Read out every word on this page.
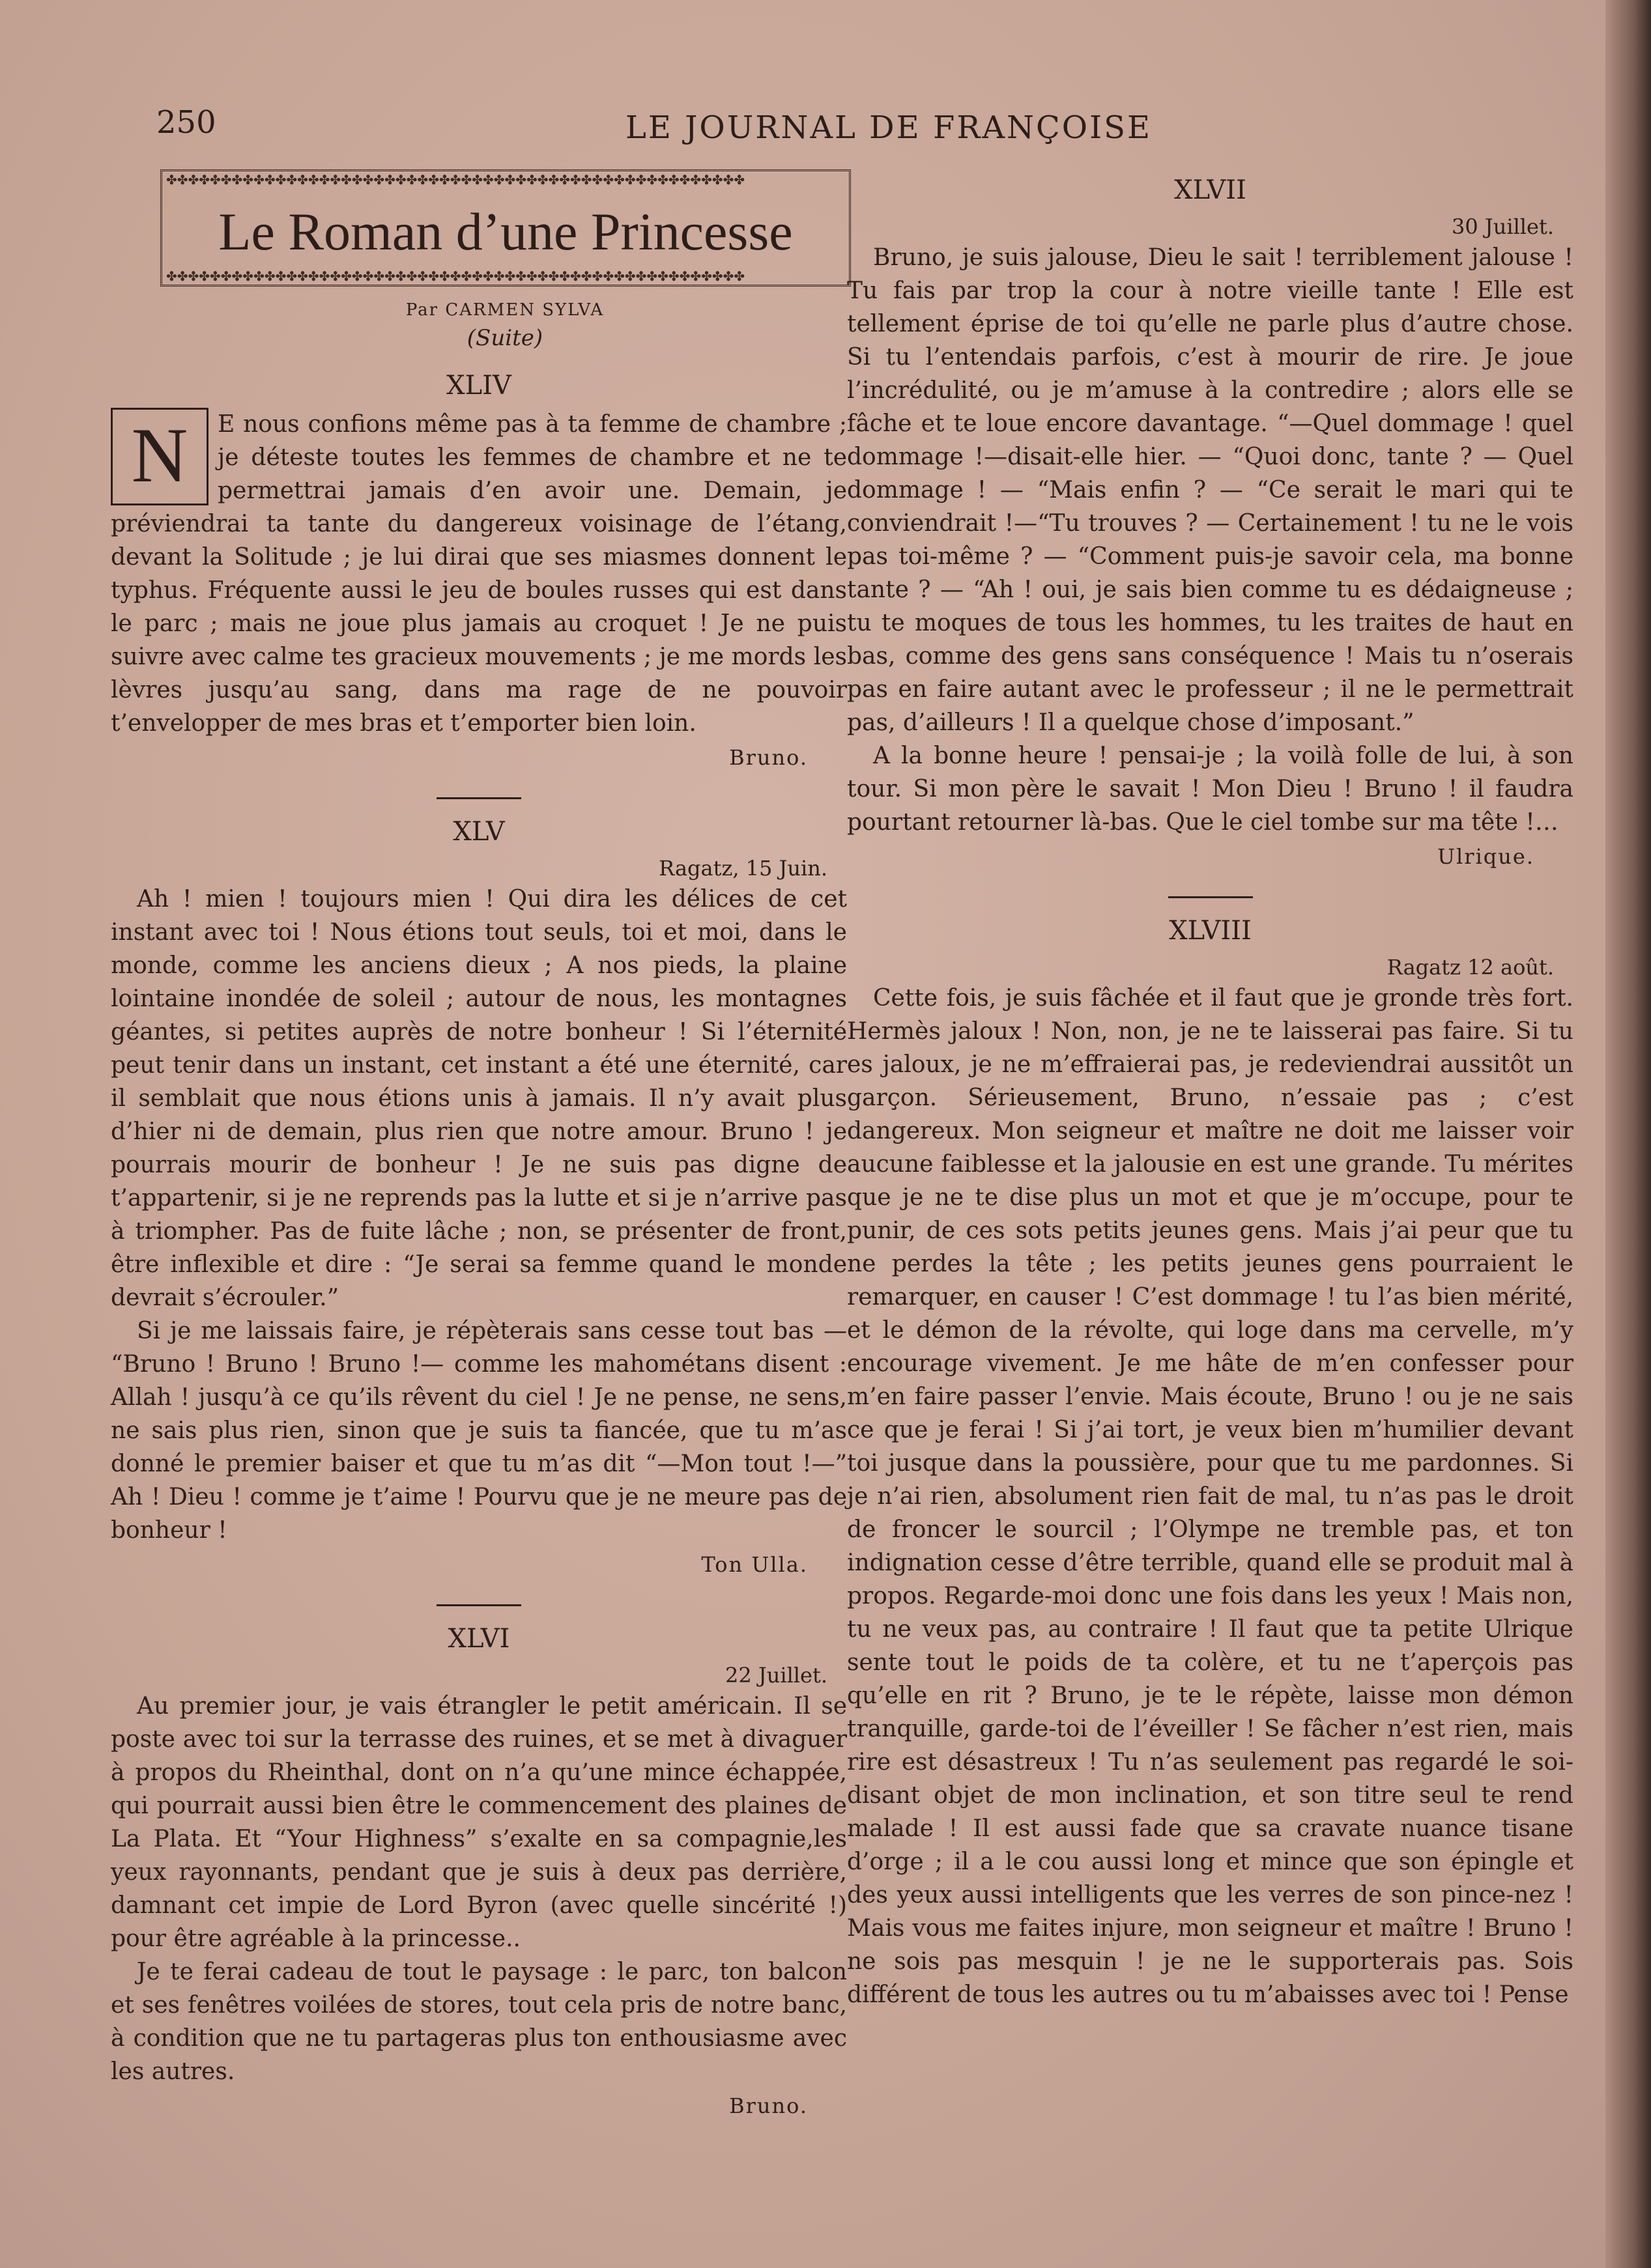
250	LE JOURNAL DE FRANÇOISE
✤✤✤✤✤✤✤✤✤✤✤✤✤✤✤✤✤✤✤✤✤✤✤✤✤✤✤✤✤✤✤✤✤✤✤✤✤✤✤✤✤✤✤✤✤✤✤✤✤✤✤✤✤
Le Roman d’une Princesse
✤✤✤✤✤✤✤✤✤✤✤✤✤✤✤✤✤✤✤✤✤✤✤✤✤✤✤✤✤✤✤✤✤✤✤✤✤✤✤✤✤✤✤✤✤✤✤✤✤✤✤✤✤
Par CARMEN SYLVA
(Suite)
XLIV

N	E nous confions même pas à ta femme de chambre ; je déteste toutes les femmes de chambre et ne te permettrai jamais d’en avoir une. Demain, je préviendrai ta tante du dangereux voisinage de l’étang, devant la Solitude ; je lui dirai que ses miasmes donnent le typhus. Fréquente aussi le jeu de boules russes qui est dans le parc ; mais ne joue plus jamais au croquet ! Je ne puis suivre avec calme tes gracieux mouvements ; je me mords les lèvres jusqu’au sang, dans ma rage de ne pouvoir t’envelopper de mes bras et t’emporter bien loin.

Bruno.
XLV
Ragatz, 15 Juin.

Ah ! mien ! toujours mien ! Qui dira les délices de cet instant avec toi ! Nous étions tout seuls, toi et moi, dans le monde, comme les anciens dieux ; A nos pieds, la plaine lointaine inondée de soleil ; autour de nous, les montagnes géantes, si petites auprès de notre bonheur ! Si l’éternité peut tenir dans un instant, cet instant a été une éternité, car il semblait que nous étions unis à jamais. Il n’y avait plus d’hier ni de demain, plus rien que notre amour. Bruno ! je pourrais mourir de bonheur ! Je ne suis pas digne de t’appartenir, si je ne reprends pas la lutte et si je n’arrive pas à triompher. Pas de fuite lâche ; non, se présenter de front, être inflexible et dire : “Je serai sa femme quand le monde devrait s’écrouler.”

Si je me laissais faire, je répèterais sans cesse tout bas — “Bruno ! Bruno ! Bruno !— comme les mahométans disent : Allah ! jusqu’à ce qu’ils rêvent du ciel ! Je ne pense, ne sens, ne sais plus rien, sinon que je suis ta fiancée, que tu m’as donné le premier baiser et que tu m’as dit “—Mon tout !—” Ah ! Dieu ! comme je t’aime ! Pourvu que je ne meure pas de bonheur !

Ton Ulla.
XLVI
22 Juillet.

Au premier jour, je vais étrangler le petit américain. Il se poste avec toi sur la terrasse des ruines, et se met à divaguer à propos du Rheinthal, dont on n’a qu’une mince échappée, qui pourrait aussi bien être le commencement des plaines de La Plata. Et “Your Highness” s’exalte en sa compagnie,les yeux rayonnants, pendant que je suis à deux pas derrière, damnant cet impie de Lord Byron (avec quelle sincérité !) pour être agréable à la princesse..

Je te ferai cadeau de tout le paysage : le parc, ton balcon et ses fenêtres voilées de stores, tout cela pris de notre banc, à condition que ne tu partageras plus ton enthousiasme avec les autres.

Bruno.
XLVII
30 Juillet.

Bruno, je suis jalouse, Dieu le sait ! terriblement jalouse ! Tu fais par trop la cour à notre vieille tante ! Elle est tellement éprise de toi qu’elle ne parle plus d’autre chose. Si tu l’entendais parfois, c’est à mourir de rire. Je joue l’incrédulité, ou je m’amuse à la contredire ; alors elle se fâche et te loue encore davantage. “—Quel dommage ! quel dommage !—disait-elle hier. — “Quoi donc, tante ? — Quel dommage ! — “Mais enfin ? — “Ce serait le mari qui te conviendrait !—“Tu trouves ? — Certainement ! tu ne le vois pas toi-même ? — “Comment puis-je savoir cela, ma bonne tante ? — “Ah ! oui, je sais bien comme tu es dédaigneuse ; tu te moques de tous les hommes, tu les traites de haut en bas, comme des gens sans conséquence ! Mais tu n’oserais pas en faire autant avec le professeur ; il ne le permettrait pas, d’ailleurs ! Il a quelque chose d’imposant.”

A la bonne heure ! pensai-je ; la voilà folle de lui, à son tour. Si mon père le savait ! Mon Dieu ! Bruno ! il faudra pourtant retourner là-bas. Que le ciel tombe sur ma tête !…

Ulrique.
XLVIII
Ragatz 12 août.

Cette fois, je suis fâchée et il faut que je gronde très fort. Hermès jaloux ! Non, non, je ne te laisserai pas faire. Si tu es jaloux, je ne m’effraierai pas, je redeviendrai aussitôt un garçon. Sérieusement, Bruno, n’essaie pas ; c’est dangereux. Mon seigneur et maître ne doit me laisser voir aucune faiblesse et la jalousie en est une grande. Tu mérites que je ne te dise plus un mot et que je m’occupe, pour te punir, de ces sots petits jeunes gens. Mais j’ai peur que tu ne perdes la tête ; les petits jeunes gens pourraient le remarquer, en causer ! C’est dommage ! tu l’as bien mérité, et le démon de la révolte, qui loge dans ma cervelle, m’y encourage vivement. Je me hâte de m’en confesser pour m’en faire passer l’envie. Mais écoute, Bruno ! ou je ne sais ce que je ferai ! Si j’ai tort, je veux bien m’humilier devant toi jusque dans la poussière, pour que tu me pardonnes. Si je n’ai rien, absolument rien fait de mal, tu n’as pas le droit de froncer le sourcil ; l’Olympe ne tremble pas, et ton indignation cesse d’être terrible, quand elle se produit mal à propos. Regarde-moi donc une fois dans les yeux ! Mais non, tu ne veux pas, au contraire ! Il faut que ta petite Ulrique sente tout le poids de ta colère, et tu ne t’aperçois pas qu’elle en rit ? Bruno, je te le répète, laisse mon démon tranquille, garde-toi de l’éveiller ! Se fâcher n’est rien, mais rire est désastreux ! Tu n’as seulement pas regardé le soi-disant objet de mon inclination, et son titre seul te rend malade ! Il est aussi fade que sa cravate nuance tisane d’orge ; il a le cou aussi long et mince que son épingle et des yeux aussi intelligents que les verres de son pince-nez ! Mais vous me faites injure, mon seigneur et maître ! Bruno ! ne sois pas mesquin ! je ne le supporterais pas. Sois différent de tous les autres ou tu m’abaisses avec toi ! Pense
